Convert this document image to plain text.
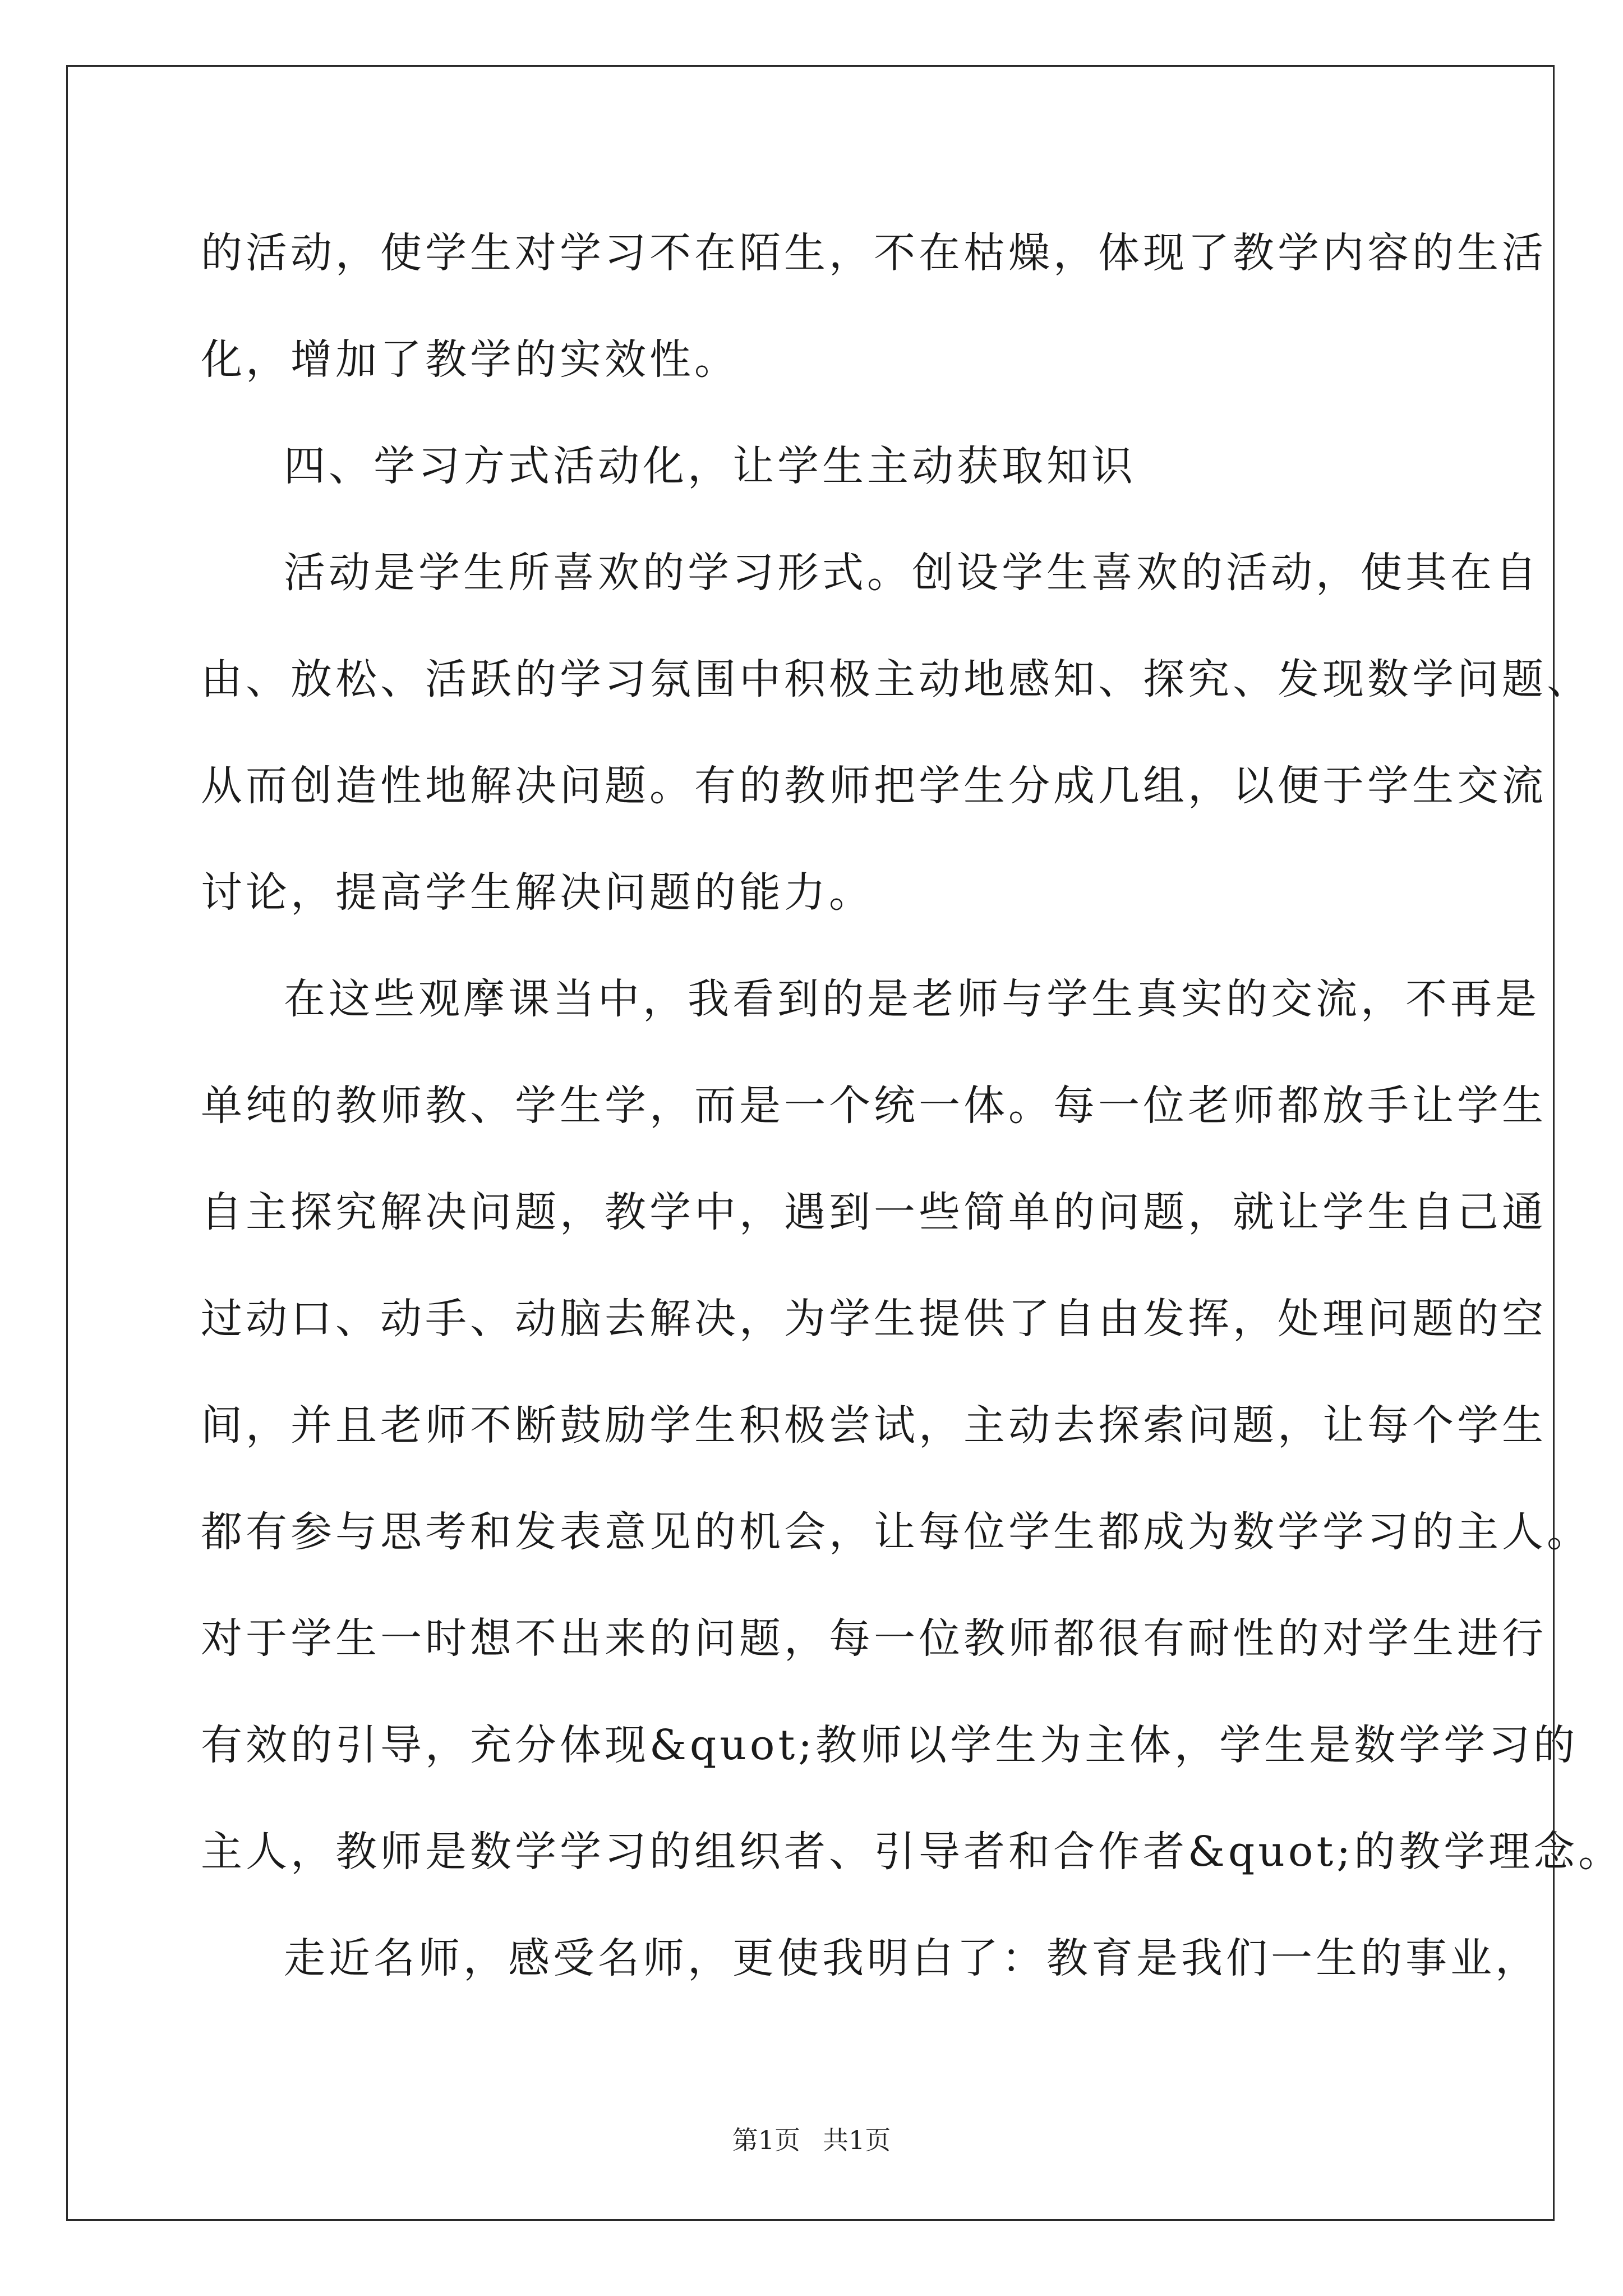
的活动，使学生对学习不在陌生，不在枯燥，体现了教学内容的生活
化，增加了教学的实效性。
四、学习方式活动化，让学生主动获取知识
活动是学生所喜欢的学习形式。创设学生喜欢的活动，使其在自
由、放松、活跃的学习氛围中积极主动地感知、探究、发现数学问题、
从而创造性地解决问题。有的教师把学生分成几组，以便于学生交流
讨论，提高学生解决问题的能力。
在这些观摩课当中，我看到的是老师与学生真实的交流，不再是
单纯的教师教、学生学，而是一个统一体。每一位老师都放手让学生
自主探究解决问题，教学中，遇到一些简单的问题，就让学生自己通
过动口、动手、动脑去解决，为学生提供了自由发挥，处理问题的空
间，并且老师不断鼓励学生积极尝试，主动去探索问题，让每个学生
都有参与思考和发表意见的机会，让每位学生都成为数学学习的主人。
对于学生一时想不出来的问题，每一位教师都很有耐性的对学生进行
有效的引导，充分体现&quot;教师以学生为主体，学生是数学学习的
主人，教师是数学学习的组织者、引导者和合作者&quot;的教学理念。
走近名师，感受名师，更使我明白了：教育是我们一生的事业，
第1页 共1页
